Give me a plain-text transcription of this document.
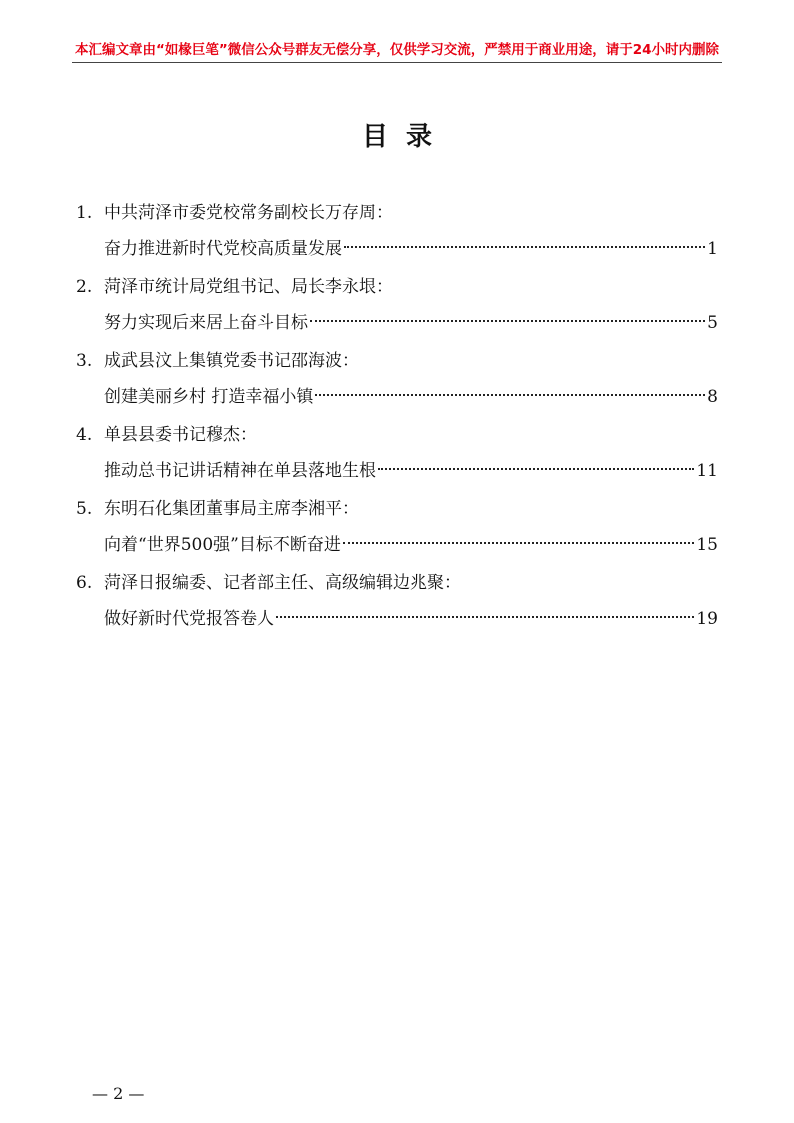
本汇编文章由“如椽巨笔”微信公众号群友无偿分享，仅供学习交流，严禁用于商业用途，请于24小时内删除
目录
1. 中共菏泽市委党校常务副校长万存周：
奋力推进新时代党校高质量发展	1
2. 菏泽市统计局党组书记、局长李永垠：
努力实现后来居上奋斗目标	5
3. 成武县汶上集镇党委书记邵海波：
创建美丽乡村 打造幸福小镇	8
4. 单县县委书记穆杰：
推动总书记讲话精神在单县落地生根	11
5. 东明石化集团董事局主席李湘平：
向着“世界500强”目标不断奋进	15
6. 菏泽日报编委、记者部主任、高级编辑边兆聚：
做好新时代党报答卷人	19
— 2 —
